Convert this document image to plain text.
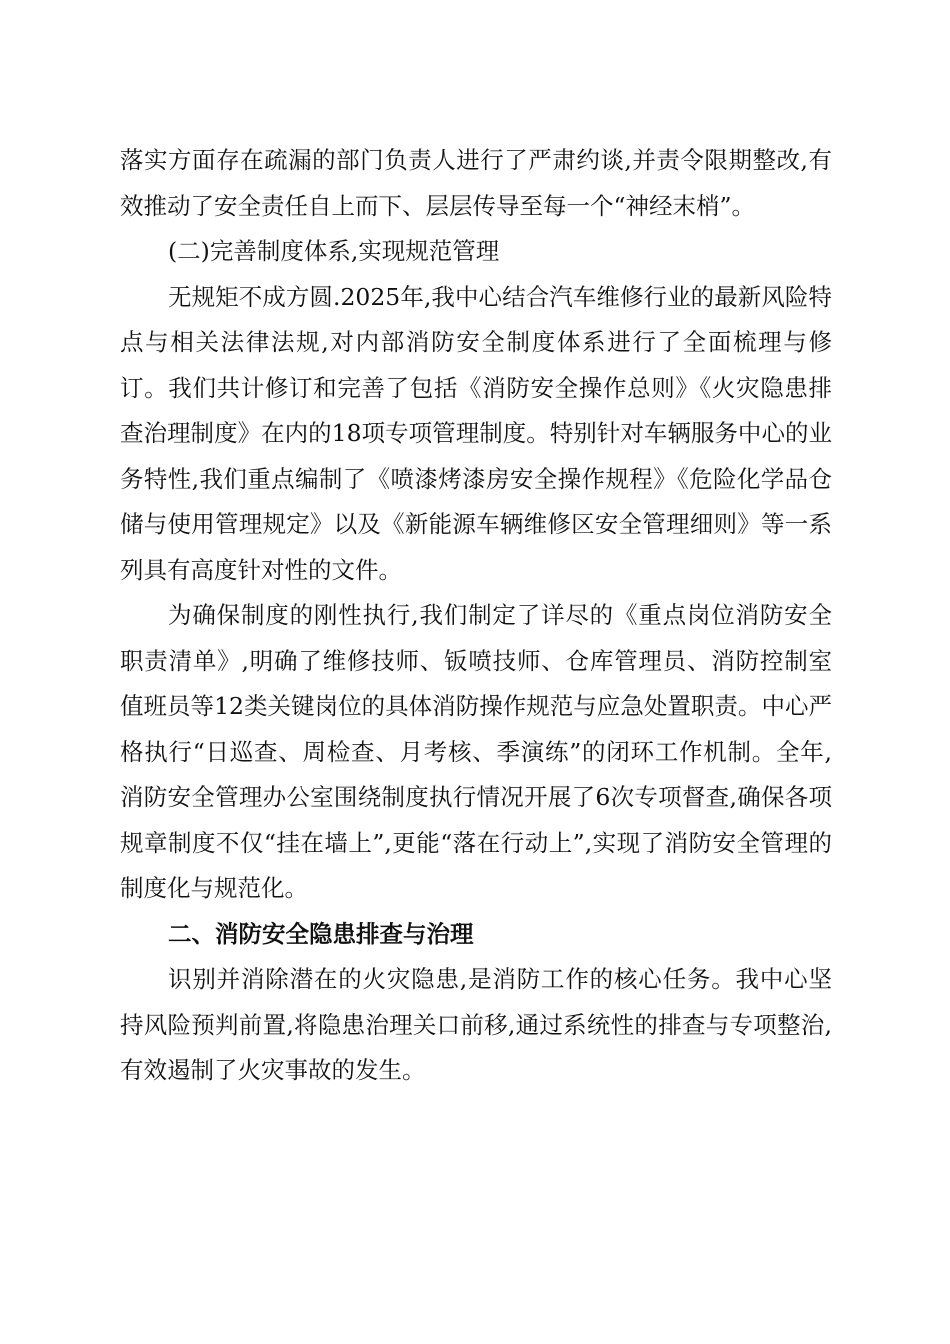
落实方面存在疏漏的部门负责人进行了严肃约谈,并责令限期整改,有效推动了安全责任自上而下、层层传导至每一个“神经末梢”。

(二)完善制度体系,实现规范管理

无规矩不成方圆.2025年,我中心结合汽车维修行业的最新风险特点与相关法律法规,对内部消防安全制度体系进行了全面梳理与修订。我们共计修订和完善了包括《消防安全操作总则》《火灾隐患排查治理制度》在内的18项专项管理制度。特别针对车辆服务中心的业务特性,我们重点编制了《喷漆烤漆房安全操作规程》《危险化学品仓储与使用管理规定》以及《新能源车辆维修区安全管理细则》等一系列具有高度针对性的文件。

为确保制度的刚性执行,我们制定了详尽的《重点岗位消防安全职责清单》,明确了维修技师、钣喷技师、仓库管理员、消防控制室值班员等12类关键岗位的具体消防操作规范与应急处置职责。中心严格执行“日巡查、周检查、月考核、季演练”的闭环工作机制。全年,消防安全管理办公室围绕制度执行情况开展了6次专项督查,确保各项规章制度不仅“挂在墙上”,更能“落在行动上”,实现了消防安全管理的制度化与规范化。

二、消防安全隐患排查与治理

识别并消除潜在的火灾隐患,是消防工作的核心任务。我中心坚持风险预判前置,将隐患治理关口前移,通过系统性的排查与专项整治,有效遏制了火灾事故的发生。
